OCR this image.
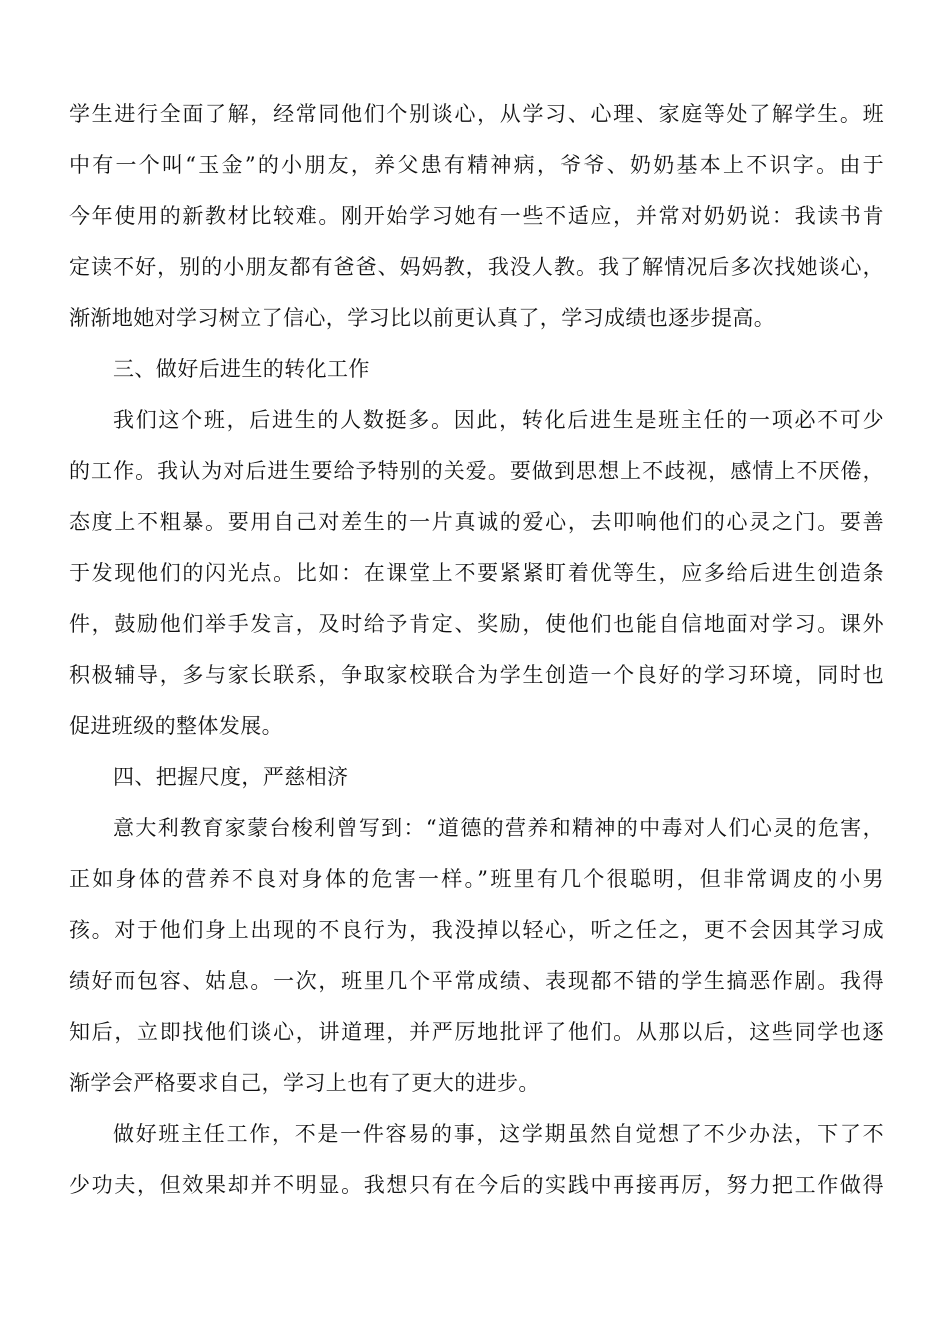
学生进行全面了解，经常同他们个别谈心，从学习、心理、家庭等处了解学生。班
中有一个叫“玉金”的小朋友，养父患有精神病，爷爷、奶奶基本上不识字。由于
今年使用的新教材比较难。刚开始学习她有一些不适应，并常对奶奶说：我读书肯
定读不好，别的小朋友都有爸爸、妈妈教，我没人教。我了解情况后多次找她谈心，
渐渐地她对学习树立了信心，学习比以前更认真了，学习成绩也逐步提高。
三、做好后进生的转化工作
我们这个班，后进生的人数挺多。因此，转化后进生是班主任的一项必不可少
的工作。我认为对后进生要给予特别的关爱。要做到思想上不歧视，感情上不厌倦，
态度上不粗暴。要用自己对差生的一片真诚的爱心，去叩响他们的心灵之门。要善
于发现他们的闪光点。比如：在课堂上不要紧紧盯着优等生，应多给后进生创造条
件，鼓励他们举手发言，及时给予肯定、奖励，使他们也能自信地面对学习。课外
积极辅导，多与家长联系，争取家校联合为学生创造一个良好的学习环境，同时也
促进班级的整体发展。
四、把握尺度，严慈相济
意大利教育家蒙台梭利曾写到：“道德的营养和精神的中毒对人们心灵的危害，
正如身体的营养不良对身体的危害一样。”班里有几个很聪明，但非常调皮的小男
孩。对于他们身上出现的不良行为，我没掉以轻心，听之任之，更不会因其学习成
绩好而包容、姑息。一次，班里几个平常成绩、表现都不错的学生搞恶作剧。我得
知后，立即找他们谈心，讲道理，并严厉地批评了他们。从那以后，这些同学也逐
渐学会严格要求自己，学习上也有了更大的进步。
做好班主任工作，不是一件容易的事，这学期虽然自觉想了不少办法，下了不
少功夫，但效果却并不明显。我想只有在今后的实践中再接再厉，努力把工作做得
